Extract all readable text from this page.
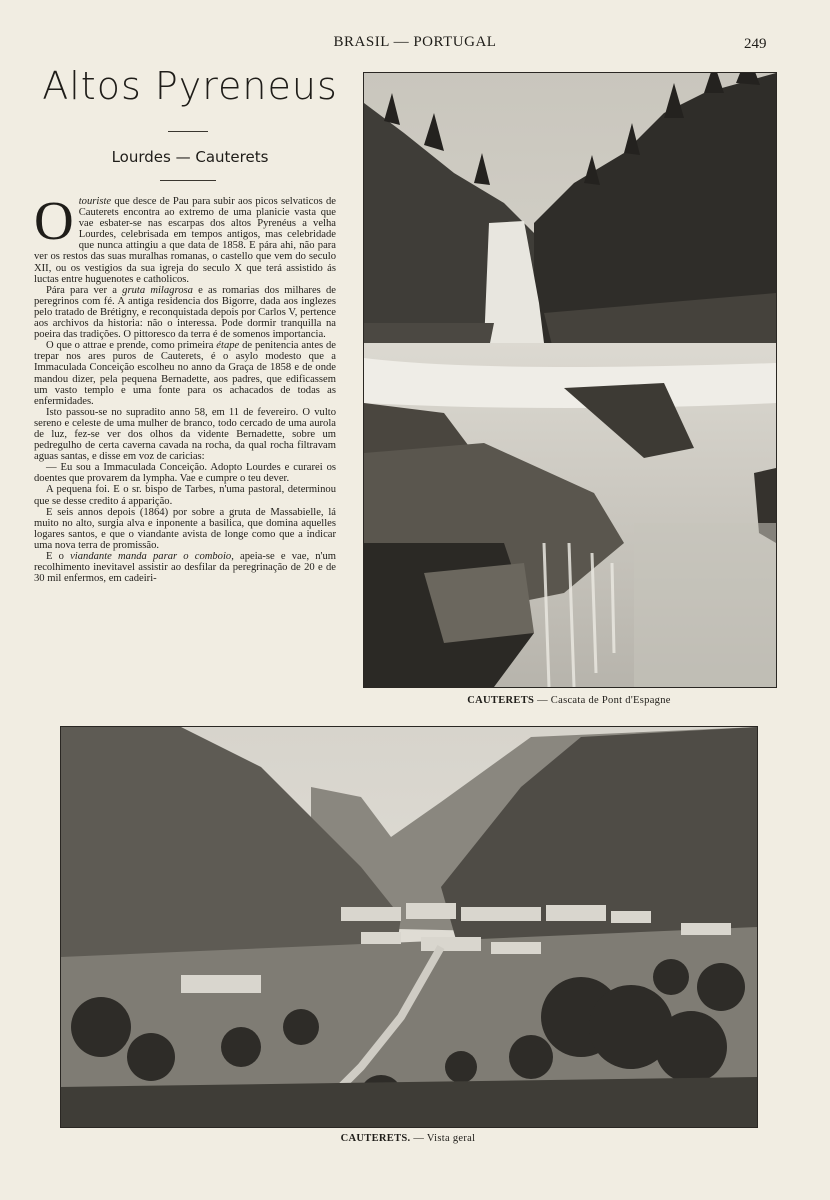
BRASIL — PORTUGAL	249
Altos Pyreneus
Lourdes — Cauterets

Otouriste que desce de Pau para subir aos picos selvaticos de Cauterets encontra ao extremo de uma planicie vasta que vae esbater-se nas escarpas dos altos Pyrenéus a velha Lourdes, celebrisada em tempos antigos, mas celebridade que nunca attingiu a que data de 1858. E pára ahi, não para ver os restos das suas muralhas romanas, o castello que vem do seculo XII, ou os vestigios da sua igreja do seculo X que terá assistido ás luctas entre huguenotes e catholicos.

Pára para ver a gruta milagrosa e as romarias dos milhares de peregrinos com fé. A antiga residencia dos Bigorre, dada aos inglezes pelo tratado de Brétigny, e reconquistada depois por Carlos V, pertence aos archivos da historia: não o interessa. Pode dormir tranquilla na poeira das tradições. O pittoresco da terra é de somenos importancia.

O que o attrae e prende, como primeira étape de penitencia antes de trepar nos ares puros de Cauterets, é o asylo modesto que a Immaculada Conceição escolheu no anno da Graça de 1858 e de onde mandou dizer, pela pequena Bernadette, aos padres, que edificassem um vasto templo e uma fonte para os achacados de todas as enfermidades.

Isto passou-se no supradito anno 58, em 11 de fevereiro. O vulto sereno e celeste de uma mulher de branco, todo cercado de uma aurola de luz, fez-se ver dos olhos da vidente Bernadette, sobre um pedregulho de certa caverna cavada na rocha, da qual rocha filtravam aguas santas, e disse em voz de caricias:

— Eu sou a Immaculada Conceição. Adopto Lourdes e curarei os doentes que provarem da lympha. Vae e cumpre o teu dever.

A pequena foi. E o sr. bispo de Tarbes, n'uma pastoral, determinou que se desse credito á apparição.

E seis annos depois (1864) por sobre a gruta de Massabielle, lá muito no alto, surgia alva e inponente a basilica, que domina aquelles logares santos, e que o viandante avista de longe como que a indicar uma nova terra de promissão.

E o viandante manda parar o comboio, apeia-se e vae, n'um recolhimento inevitavel assistir ao desfilar da peregrinação de 20 e de 30 mil enfermos, em cadeiri-

CAUTERETS — Cascata de Pont d'Espagne
CAUTERETS. — Vista geral
